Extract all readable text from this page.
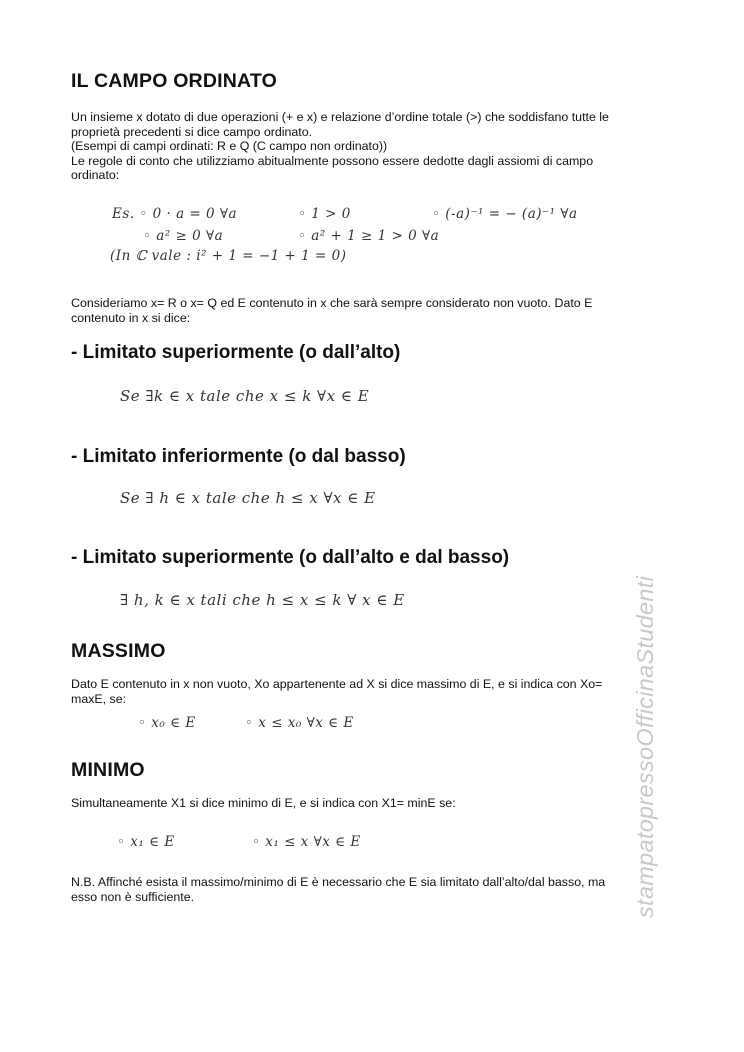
IL CAMPO ORDINATO
Un insieme x dotato di due operazioni (+ e x) e relazione d’ordine totale (>) che soddisfano tutte le
proprietà precedenti si dice campo ordinato.
(Esempi di campi ordinati: R e Q (C campo non ordinato))
Le regole di conto che utilizziamo abitualmente possono essere dedotte dagli assiomi di campo
ordinato:
Es. ◦ 0 · a = 0 ∀a	◦ 1 > 0	◦ (-a)⁻¹ = − (a)⁻¹ ∀a
◦ a² ≥ 0 ∀a	◦ a² + 1 ≥ 1 > 0 ∀a
(In ℂ vale : i² + 1 = −1 + 1 = 0)
Consideriamo x= R o x= Q ed E contenuto in x che sarà sempre considerato non vuoto. Dato E
contenuto in x si dice:
- Limitato superiormente (o dall’alto)
Se ∃k ∈ x tale che x ≤ k ∀x ∈ E
- Limitato inferiormente (o dal basso)
Se ∃ h ∈ x tale che h ≤ x ∀x ∈ E
- Limitato superiormente (o dall’alto e dal basso)
∃ h, k ∈ x tali che h ≤ x ≤ k ∀ x ∈ E
MASSIMO
Dato E contenuto in x non vuoto, Xo appartenente ad X si dice massimo di E, e si indica con Xo=
maxE, se:
◦ x₀ ∈ E	◦ x ≤ x₀ ∀x ∈ E
MINIMO
Simultaneamente X1 si dice minimo di E, e si indica con X1= minE se:
◦ x₁ ∈ E	◦ x₁ ≤ x ∀x ∈ E
N.B. Affinché esista il massimo/minimo di E è necessario che E sia limitato dall’alto/dal basso, ma
esso non è sufficiente.	stampatopressoOfficinaStudenti
